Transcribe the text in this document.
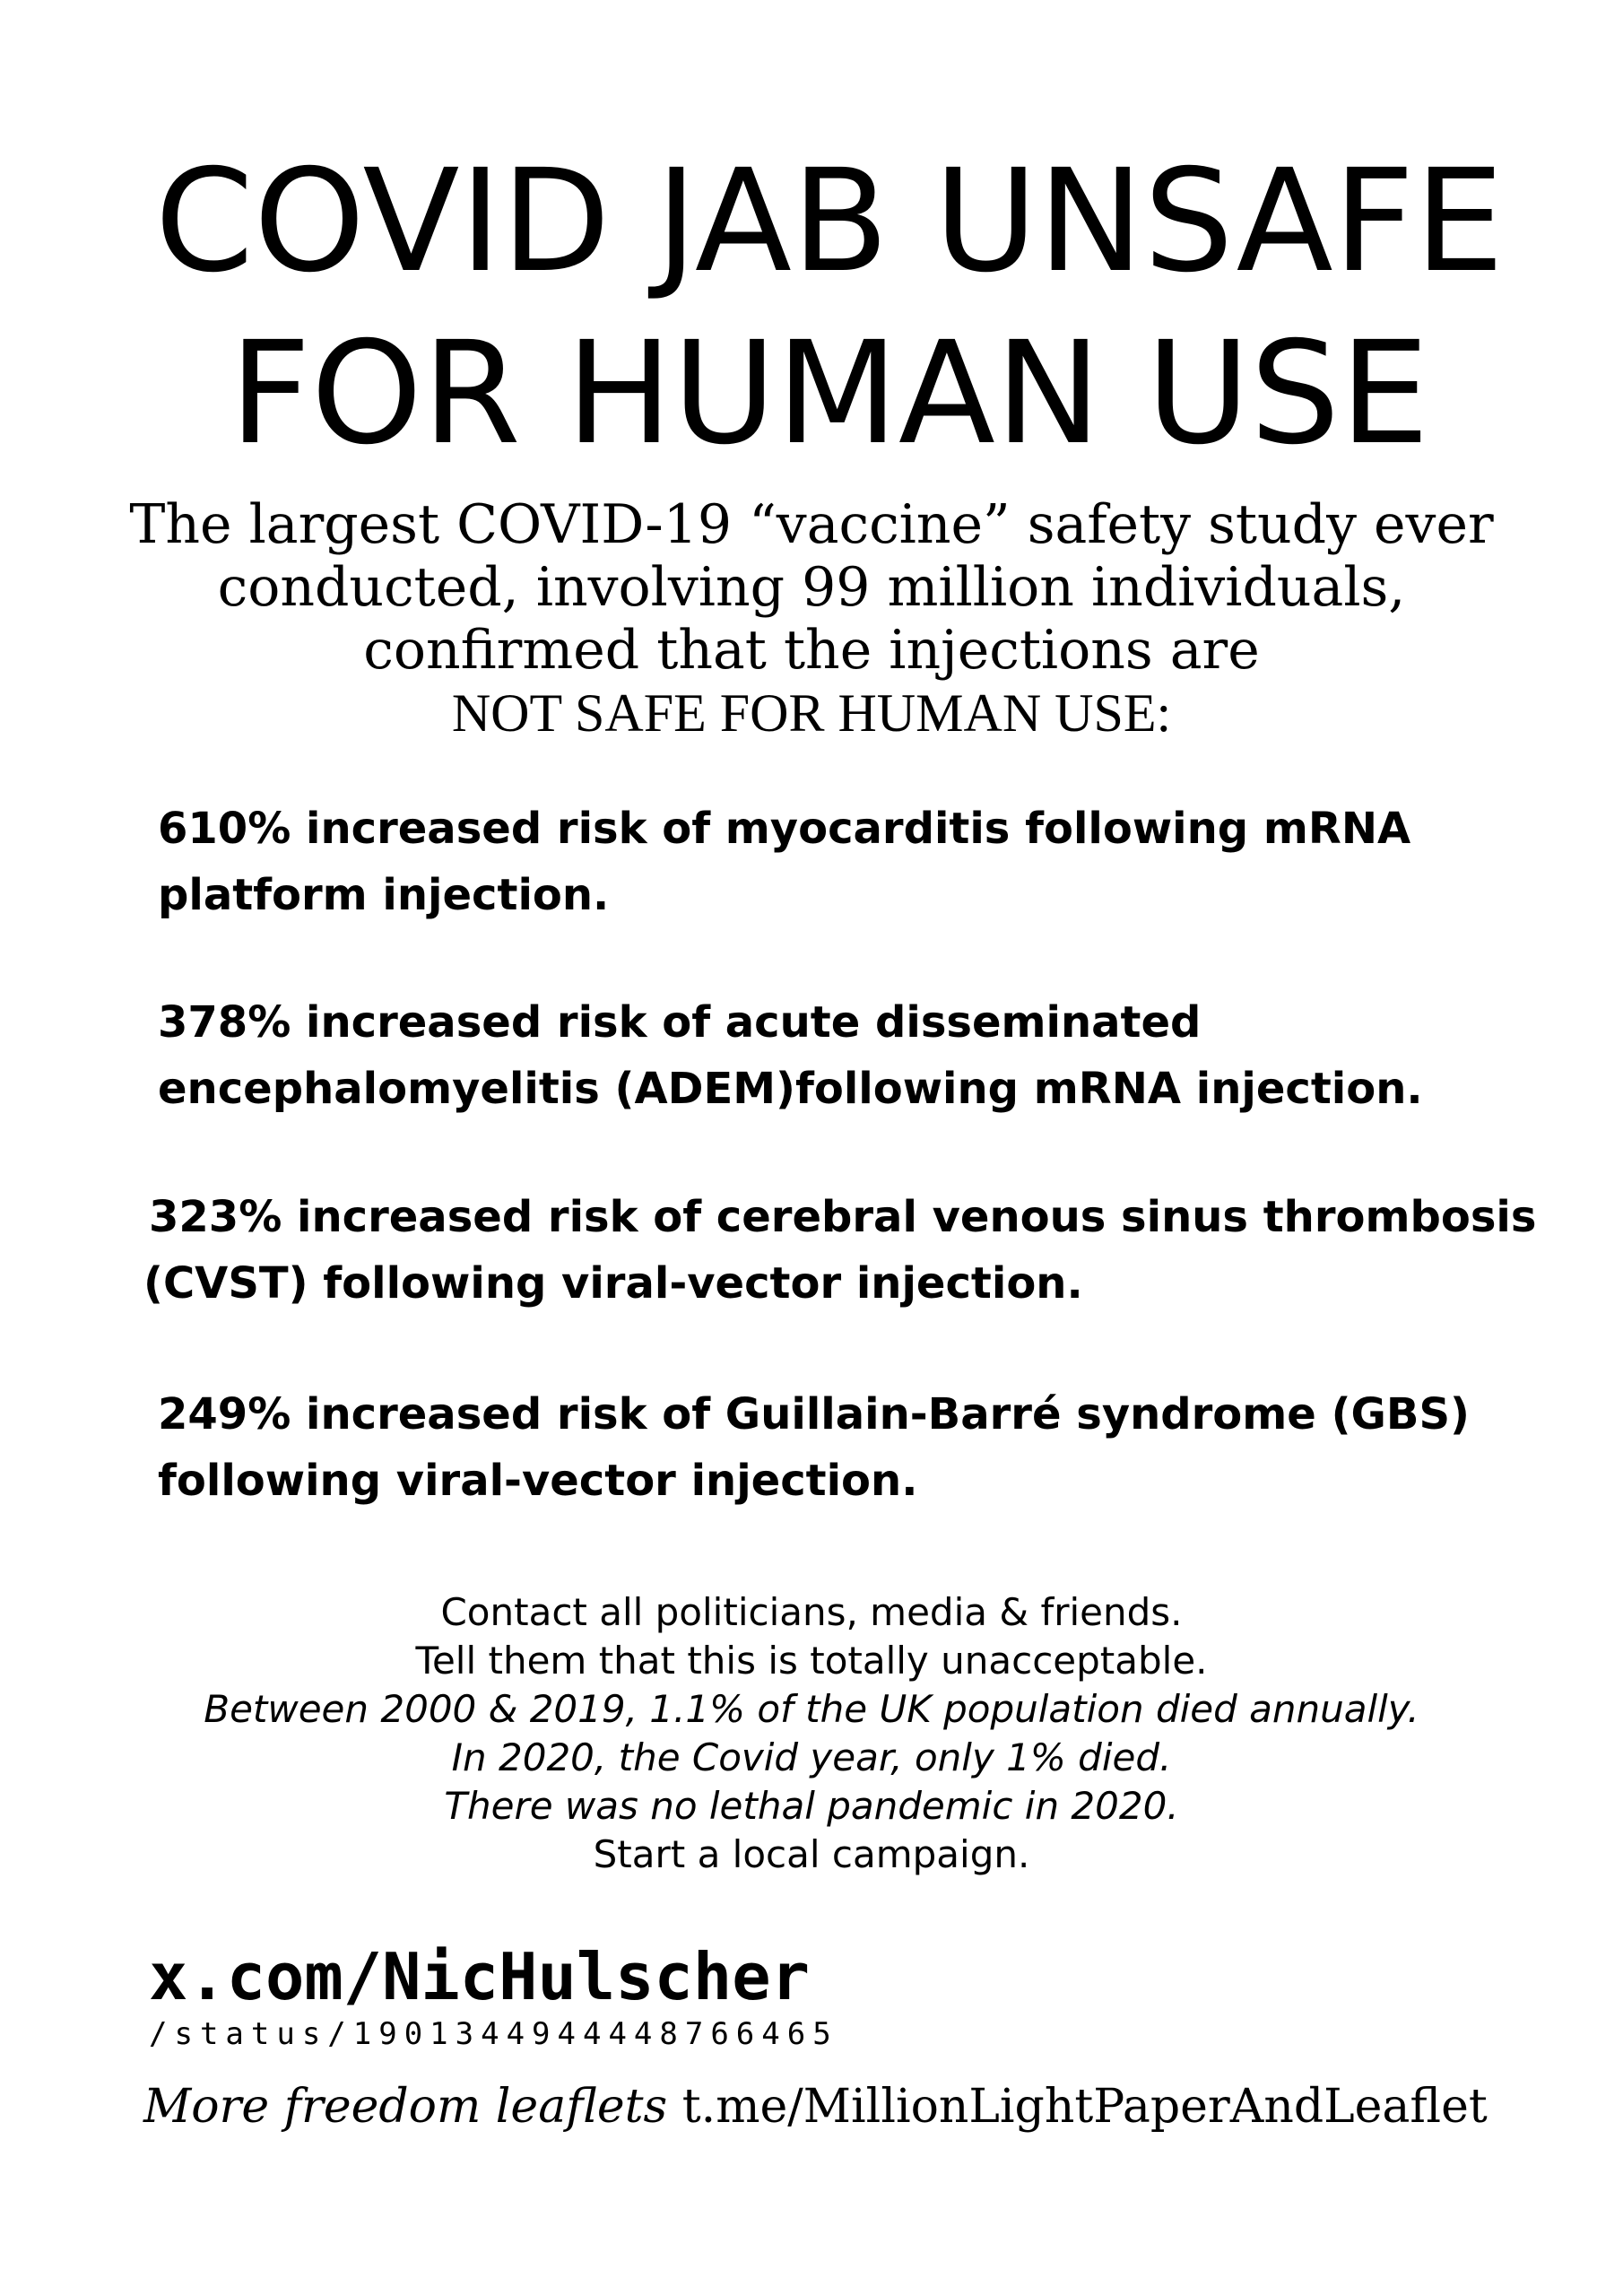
COVID JAB UNSAFE
FOR HUMAN USE
The largest COVID-19 “vaccine” safety study ever
conducted, involving 99 million individuals,
confirmed that the injections are
NOT SAFE FOR HUMAN USE:
610% increased risk of myocarditis following mRNA
platform injection.
378% increased risk of acute disseminated
encephalomyelitis (ADEM)following mRNA injection.
323% increased risk of cerebral venous sinus thrombosis
(CVST) following viral-vector injection.
249% increased risk of Guillain-Barré syndrome (GBS)
following viral-vector injection.
Contact all politicians, media & friends.
Tell them that this is totally unacceptable.
Between 2000 & 2019, 1.1% of the UK population died annually.
In 2020, the Covid year, only 1% died.
There was no lethal pandemic in 2020.
Start a local campaign.
x.com/NicHulscher
/status/1901344944448766465
More freedom leaflets t.me/MillionLightPaperAndLeaflet
